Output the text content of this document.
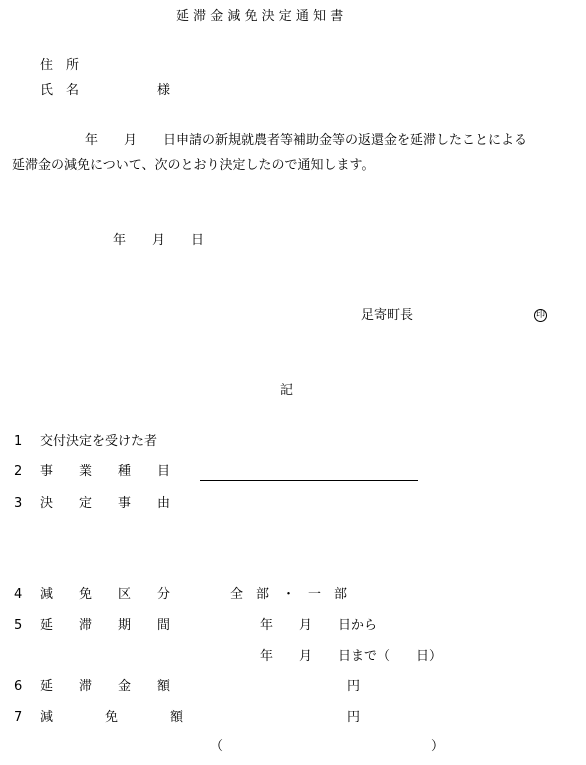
延 滞 金 減 免 決 定 通 知 書
住　所
氏　名	様
年　　月　　日申請の新規就農者等補助金等の返還金を延滞したことによる
延滞金の減免について、次のとおり決定したので通知します。
年　　月　　日
足寄町長	印
記
1 交付決定を受けた者
2 事　　業　　種　　目
3 決　　定　　事　　由
4 減　　免　　区　　分	全　部　・　一　部
5 延　　滞　　期　　間	年　　月　　日から
年　　月　　日まで（　　日）
6 延　　滞　　金　　額	円
7 減　　　　免　　　　額	円
（	）
